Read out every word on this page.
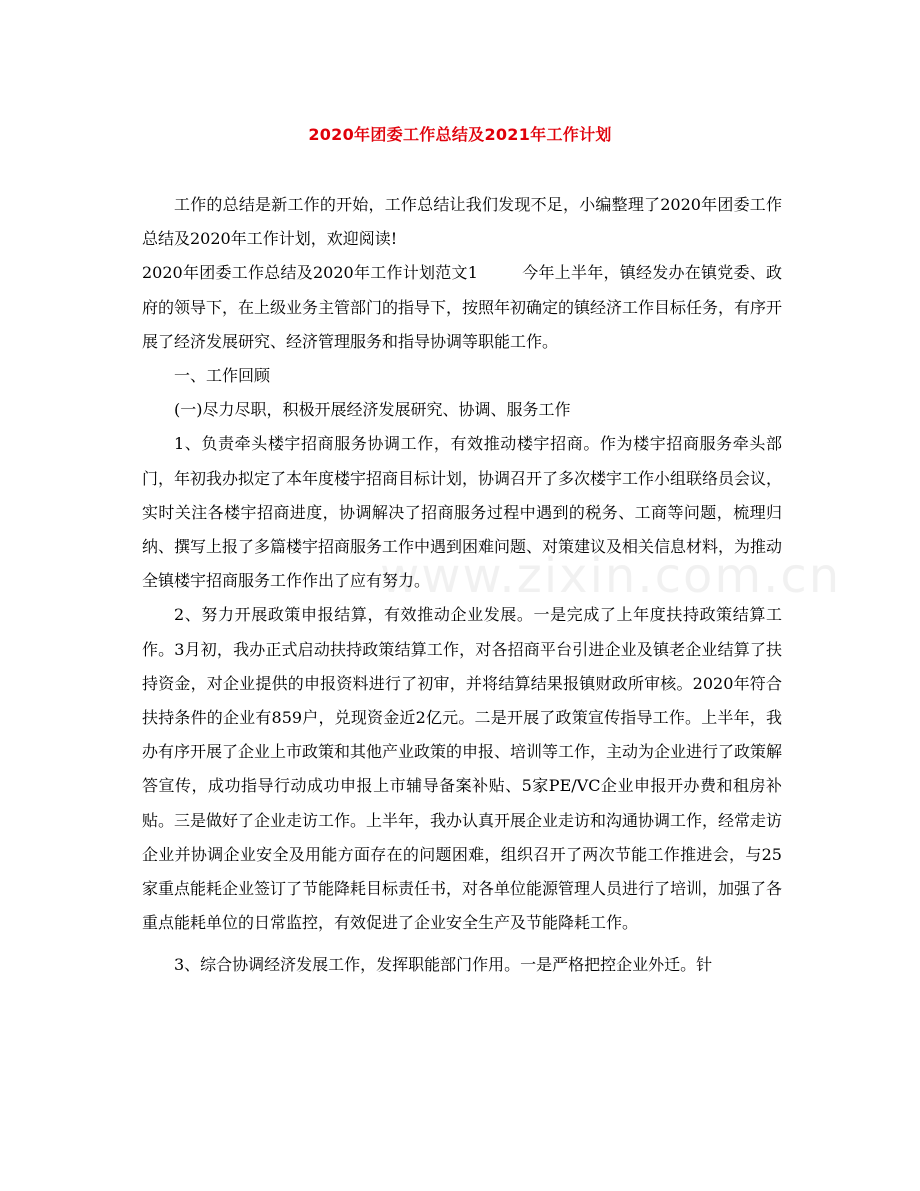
2020年团委工作总结及2021年工作计划

工作的总结是新工作的开始，工作总结让我们发现不足，小编整理了2020年团委工作总结及2020年工作计划，欢迎阅读!

2020年团委工作总结及2020年工作计划范文1	今年上半年，镇经发办在镇党委、政府的领导下，在上级业务主管部门的指导下，按照年初确定的镇经济工作目标任务，有序开展了经济发展研究、经济管理服务和指导协调等职能工作。

一、工作回顾

(一)尽力尽职，积极开展经济发展研究、协调、服务工作

1、负责牵头楼宇招商服务协调工作，有效推动楼宇招商。作为楼宇招商服务牵头部门，年初我办拟定了本年度楼宇招商目标计划，协调召开了多次楼宇工作小组联络员会议，实时关注各楼宇招商进度，协调解决了招商服务过程中遇到的税务、工商等问题，梳理归纳、撰写上报了多篇楼宇招商服务工作中遇到困难问题、对策建议及相关信息材料，为推动全镇楼宇招商服务工作作出了应有努力。

2、努力开展政策申报结算，有效推动企业发展。一是完成了上年度扶持政策结算工作。3月初，我办正式启动扶持政策结算工作，对各招商平台引进企业及镇老企业结算了扶持资金，对企业提供的申报资料进行了初审，并将结算结果报镇财政所审核。2020年符合扶持条件的企业有859户，兑现资金近2亿元。二是开展了政策宣传指导工作。上半年，我办有序开展了企业上市政策和其他产业政策的申报、培训等工作，主动为企业进行了政策解答宣传，成功指导行动成功申报上市辅导备案补贴、5家PE/VC企业申报开办费和租房补贴。三是做好了企业走访工作。上半年，我办认真开展企业走访和沟通协调工作，经常走访企业并协调企业安全及用能方面存在的问题困难，组织召开了两次节能工作推进会，与25家重点能耗企业签订了节能降耗目标责任书，对各单位能源管理人员进行了培训，加强了各重点能耗单位的日常监控，有效促进了企业安全生产及节能降耗工作。

3、综合协调经济发展工作，发挥职能部门作用。一是严格把控企业外迁。针

www.zixin.com.cn
